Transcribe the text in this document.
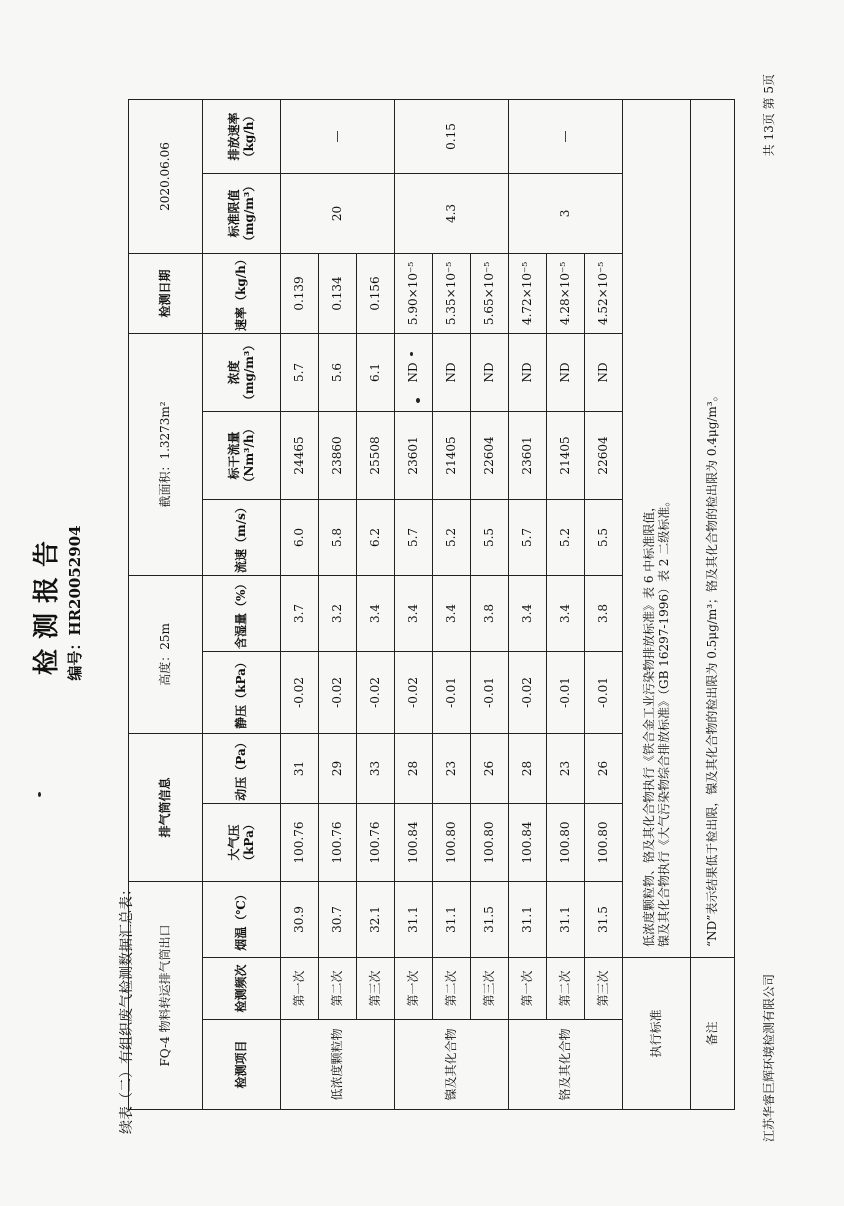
检测报告 编号：HR20052904
续表（二）有组织废气检测数据汇总表： FQ-4 物料转运排气筒出口			排气筒信息		高度：25m		截面积：1.3273m²			检测日期	2020.06.06	
检测项目	检测频次	烟温（℃）	大气压（kPa）	动压（Pa）	静压（kPa）	含湿量（%）	流速（m/s）	标干流量（Nm³/h）	浓度（mg/m³）	速率（kg/h）	标准限值（mg/m³）	排放速率（kg/h）
低浓度颗粒物	第一次	30.9	100.76	31	-0.02	3.7	6.0	24465	5.7	0.139	20	—
	第二次	30.7	100.76	29	-0.02	3.2	5.8	23860	5.6	0.134		
	第三次	32.1	100.76	33	-0.02	3.4	6.2	25508	6.1	0.156		
镍及其化合物	第一次	31.1	100.84	28	-0.02	3.4	5.7	23601	ND	5.90×10⁻⁵	4.3	0.15
	第二次	31.1	100.80	23	-0.01	3.4	5.2	21405	ND	5.35×10⁻⁵		
	第三次	31.5	100.80	26	-0.01	3.8	5.5	22604	ND	5.65×10⁻⁵		
铬及其化合物	第一次	31.1	100.84	28	-0.02	3.4	5.7	23601	ND	4.72×10⁻⁵	3	—
	第二次	31.1	100.80	23	-0.01	3.4	5.2	21405	ND	4.28×10⁻⁵		
	第三次	31.5	100.80	26	-0.01	3.8	5.5	22604	ND	4.52×10⁻⁵		
执行标准		低浓度颗粒物、铬及其化合物执行《铁合金工业污染物排放标准》表 6 中标准限值， 镍及其化合物执行《大气污染物综合排放标准》（GB 16297-1996）表 2 二级标准。										

备注		“ND”表示结果低于检出限，镍及其化合物的检出限为 0.5μg/m³；铬及其化合物的检出限为 0.4μg/m³。										
江苏华睿巨辉环境检测有限公司
共 13页 第 5页
